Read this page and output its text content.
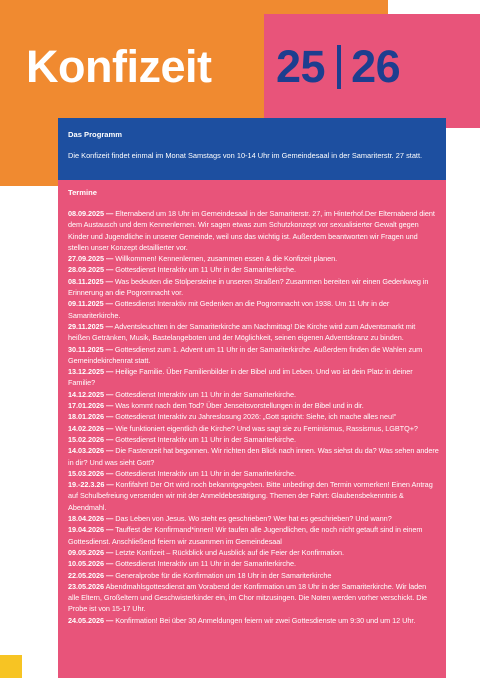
Konfizeit 25 26
Das Programm
Die Konfizeit findet einmal im Monat Samstags von 10-14 Uhr im Gemeindesaal in der Samariterstr. 27 statt.
Termine
08.09.2025 — Elternabend um 18 Uhr im Gemeindesaal in der Samariterstr. 27, im Hinterhof.Der Elternabend dient dem Austausch und dem Kennenlernen. Wir sagen etwas zum Schutzkonzept vor sexualisierter Gewalt gegen Kinder und Jugendliche in unserer Gemeinde, weil uns das wichtig ist. Außerdem beantworten wir Fragen und stellen unser Konzept detaillierter vor.
27.09.2025 — Willkommen! Kennenlernen, zusammen essen & die Konfizeit planen.
28.09.2025 — Gottesdienst Interaktiv um 11 Uhr in der Samariterkirche.
08.11.2025 — Was bedeuten die Stolpersteine in unseren Straßen? Zusammen bereiten wir einen Gedenkweg in Erinnerung an die Pogromnacht vor.
09.11.2025 — Gottesdienst Interaktiv mit Gedenken an die Pogromnacht von 1938. Um 11 Uhr in der Samariterkirche.
29.11.2025 — Adventsleuchten in der Samariterkirche am Nachmittag! Die Kirche wird zum Adventsmarkt mit heißen Getränken, Musik, Bastelangeboten und der Möglichkeit, seinen eigenen Adventskranz zu binden.
30.11.2025 — Gottesdienst zum 1. Advent um 11 Uhr in der Samariterkirche. Außerdem finden die Wahlen zum Gemeindekirchenrat statt.
13.12.2025 — Heilige Familie. Über Familienbilder in der Bibel und im Leben. Und wo ist dein Platz in deiner Familie?
14.12.2025 — Gottesdienst Interaktiv um 11 Uhr in der Samariterkirche.
17.01.2026 — Was kommt nach dem Tod? Über Jenseitsvorstellungen in der Bibel und in dir.
18.01.2026 — Gottesdienst Interaktiv zu Jahreslosung 2026: „Gott spricht: Siehe, ich mache alles neu!“
14.02.2026 — Wie funktioniert eigentlich die Kirche? Und was sagt sie zu Feminismus, Rassismus, LGBTQ+?
15.02.2026 — Gottesdienst Interaktiv um 11 Uhr in der Samariterkirche.
14.03.2026 — Die Fastenzeit hat begonnen. Wir richten den Blick nach innen. Was siehst du da? Was sehen andere in dir? Und was sieht Gott?
15.03.2026 — Gottesdienst Interaktiv um 11 Uhr in der Samariterkirche.
19.-22.3.26 — Konfifahrt! Der Ort wird noch bekanntgegeben. Bitte unbedingt den Termin vormerken! Einen Antrag auf Schulbefreiung versenden wir mit der Anmeldebestätigung. Themen der Fahrt: Glaubensbekenntnis & Abendmahl.
18.04.2026 — Das Leben von Jesus. Wo steht es geschrieben? Wer hat es geschrieben? Und wann?
19.04.2026 — Tauffest der Konfirmand*innen! Wir taufen alle Jugendlichen, die noch nicht getauft sind in einem Gottesdienst. Anschließend feiern wir zusammen im Gemeindesaal
09.05.2026 — Letzte Konfizeit – Rückblick und Ausblick auf die Feier der Konfirmation.
10.05.2026 — Gottesdienst Interaktiv um 11 Uhr in der Samariterkirche.
22.05.2026 — Generalprobe für die Konfirmation um 18 Uhr in der Samariterkirche
23.05.2026 Abendmahlsgottesdienst am Vorabend der Konfirmation um 18 Uhr in der Samariterkirche. Wir laden alle Eltern, Großeltern und Geschwisterkinder ein, im Chor mitzusingen. Die Noten werden vorher verschickt. Die Probe ist von 15-17 Uhr.
24.05.2026 — Konfirmation! Bei über 30 Anmeldungen feiern wir zwei Gottesdienste um 9:30 und um 12 Uhr.
